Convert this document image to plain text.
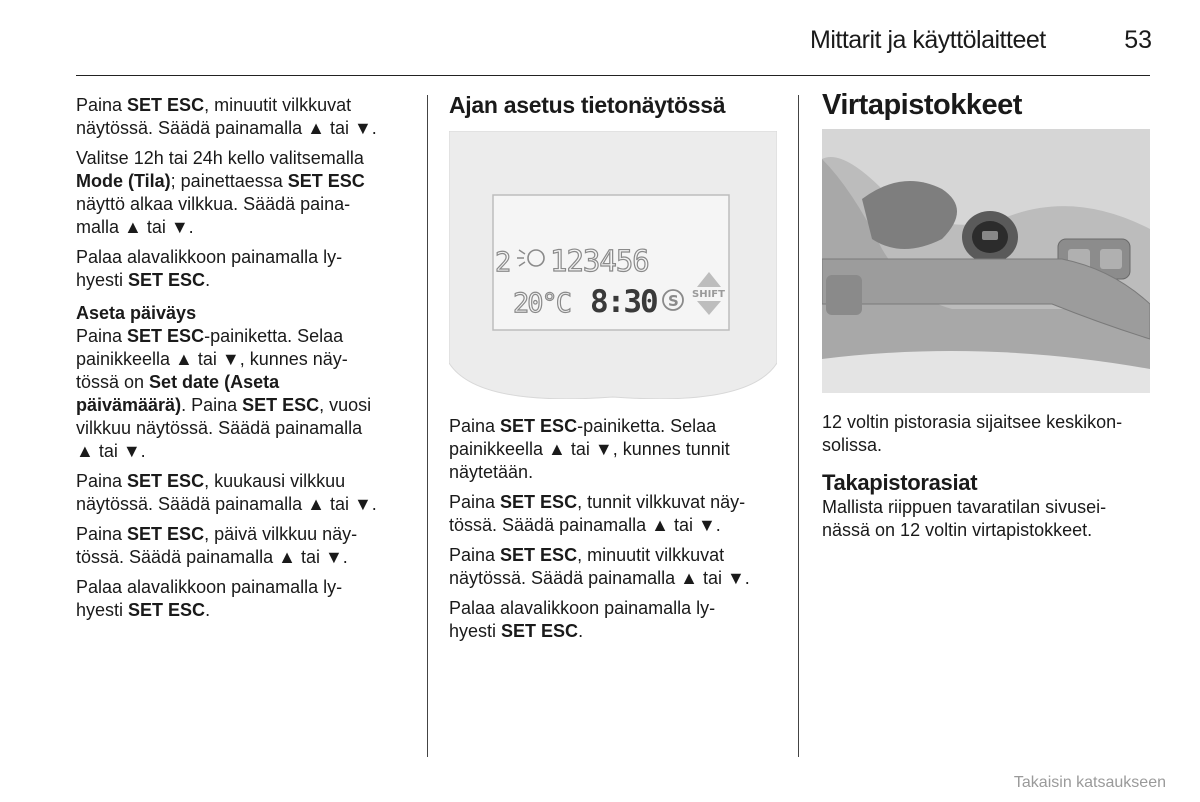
Mittarit ja käyttölaitteet	53

Paina SET ESC, minuutit vilkkuvat
näytössä. Säädä painamalla ▲ tai ▼.

Valitse 12h tai 24h kello valitsemalla
Mode (Tila); painettaessa SET ESC
näyttö alkaa vilkkua. Säädä paina-
malla ▲ tai ▼.

Palaa alavalikkoon painamalla ly-
hyesti SET ESC.

Aseta päiväys

Paina SET ESC-painiketta. Selaa
painikkeella ▲ tai ▼, kunnes näy-
tössä on Set date (Aseta
päivämäärä). Paina SET ESC, vuosi
vilkkuu näytössä. Säädä painamalla
▲ tai ▼.

Paina SET ESC, kuukausi vilkkuu
näytössä. Säädä painamalla ▲ tai ▼.

Paina SET ESC, päivä vilkkuu näy-
tössä. Säädä painamalla ▲ tai ▼.

Palaa alavalikkoon painamalla ly-
hyesti SET ESC.

Ajan asetus tietonäytössä
2 123456
20°C 8:30 S SHIFT

Paina SET ESC-painiketta. Selaa
painikkeella ▲ tai ▼, kunnes tunnit
näytetään.

Paina SET ESC, tunnit vilkkuvat näy-
tössä. Säädä painamalla ▲ tai ▼.

Paina SET ESC, minuutit vilkkuvat
näytössä. Säädä painamalla ▲ tai ▼.

Palaa alavalikkoon painamalla ly-
hyesti SET ESC.

Virtapistokkeet

12 voltin pistorasia sijaitsee keskikon-
solissa.

Takapistorasiat

Mallista riippuen tavaratilan sivusei-
nässä on 12 voltin virtapistokkeet.

Takaisin katsaukseen
